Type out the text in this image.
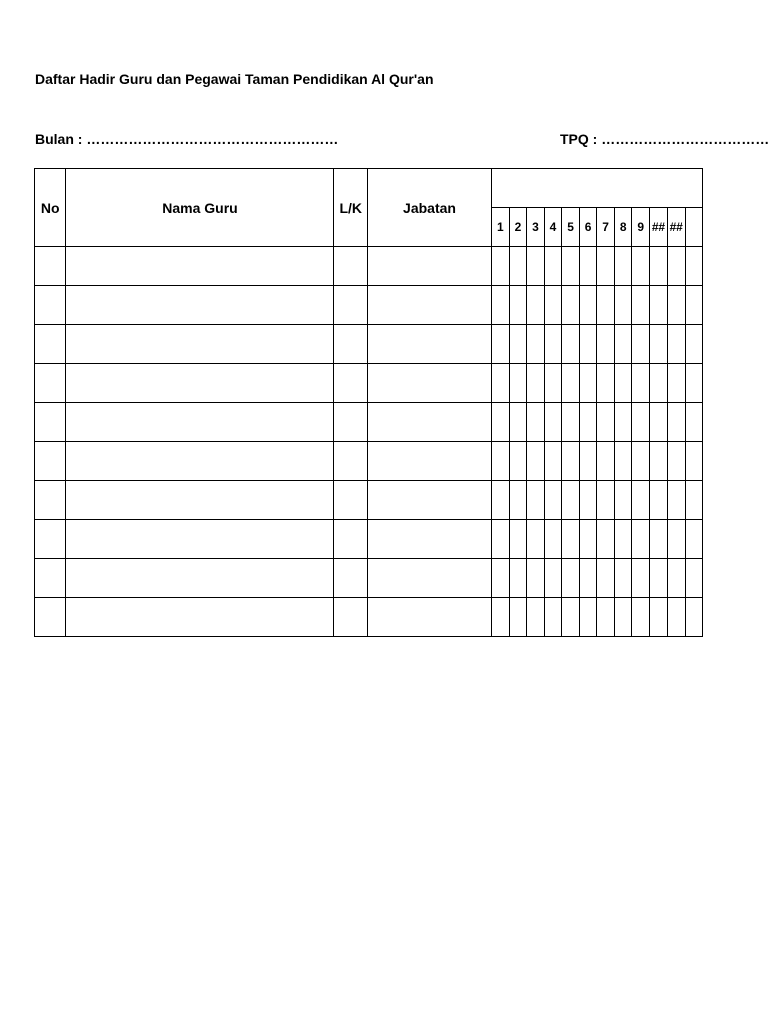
Daftar Hadir Guru dan Pegawai Taman Pendidikan Al Qur'an
Bulan : ………………………………………………	TPQ : ………………………………
No	Nama Guru	L/K	Jabatan												
				1	2	3	4	5	6	7	8	9	##	##	
